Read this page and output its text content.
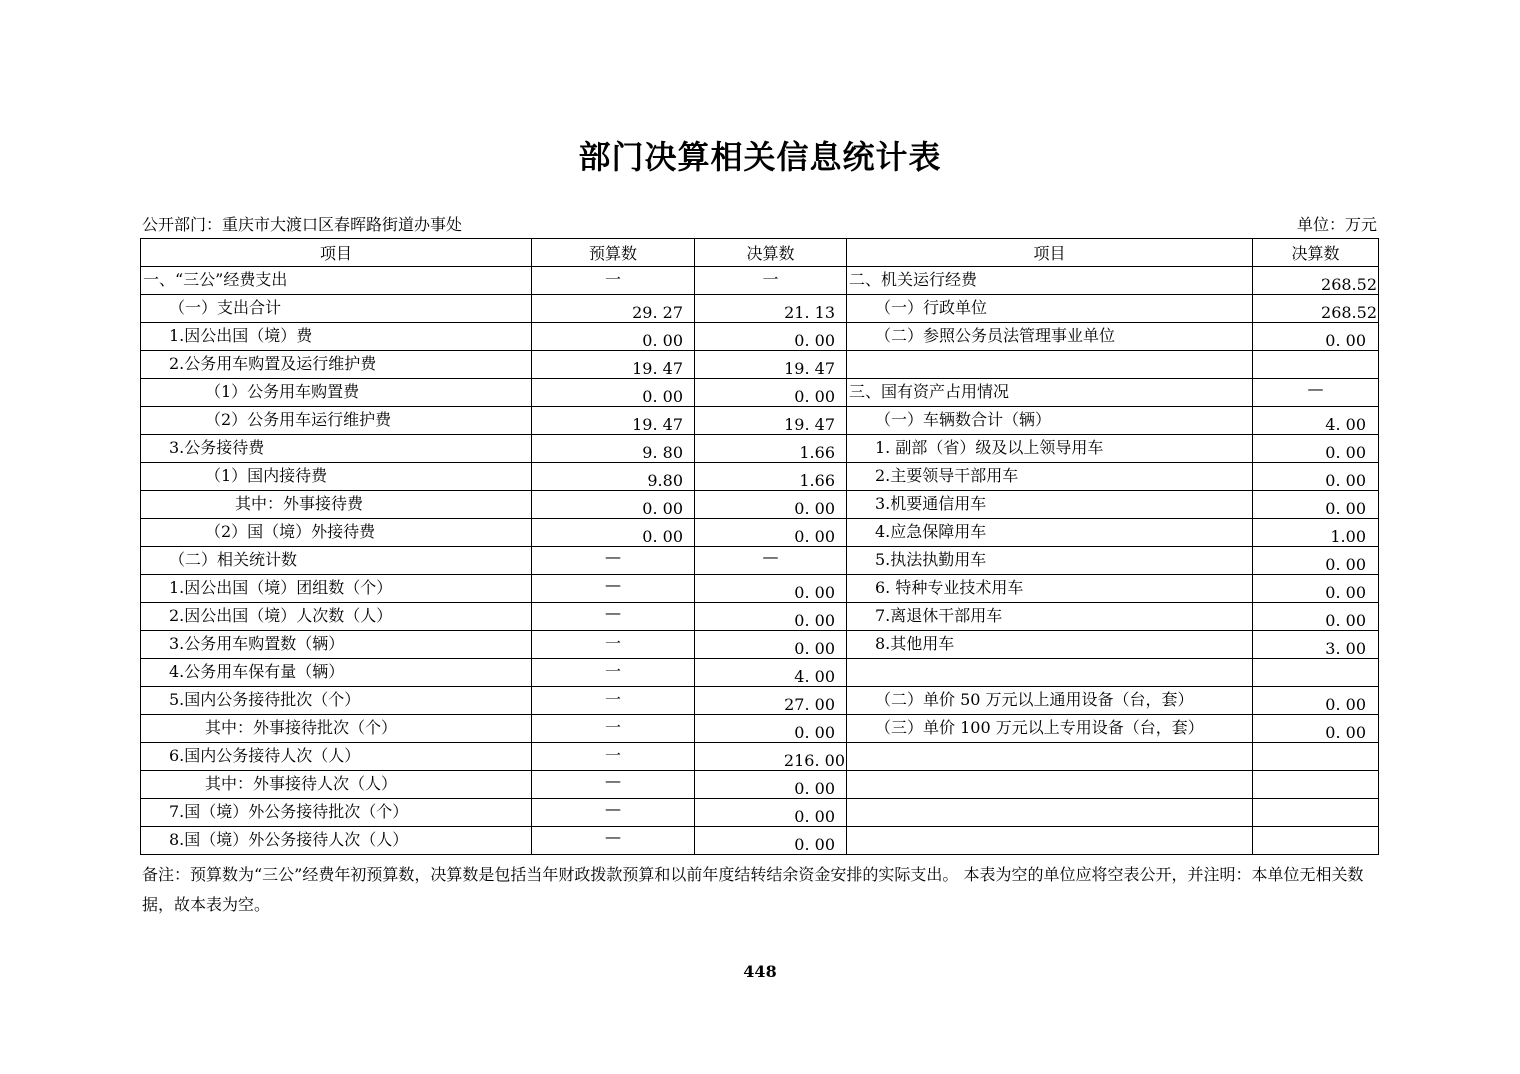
部门决算相关信息统计表
公开部门：重庆市大渡口区春晖路街道办事处	单位：万元
项目	预算数	决算数	项目	决算数
一、“三公”经费支出	一	一	二、机关运行经费	268.52
（一）支出合计	29. 27	21. 13	（一）行政单位	268.52
1.因公出国（境）费	0. 00	0. 00	（二）参照公务员法管理事业单位	0. 00
2.公务用车购置及运行维护费	19. 47	19. 47		
（1）公务用车购置费	0. 00	0. 00	三、国有资产占用情况	—
（2）公务用车运行维护费	19. 47	19. 47	（一）车辆数合计（辆）	4. 00
3.公务接待费	9. 80	1.66	1. 副部（省）级及以上领导用车	0. 00
（1）国内接待费	9.80	1.66	2.主要领导干部用车	0. 00
其中：外事接待费	0. 00	0. 00	3.机要通信用车	0. 00
（2）国（境）外接待费	0. 00	0. 00	4.应急保障用车	1.00
（二）相关统计数	—	—	5.执法执勤用车	0. 00
1.因公出国（境）团组数（个）	—	0. 00	6. 特种专业技术用车	0. 00
2.因公出国（境）人次数（人）	—	0. 00	7.离退休干部用车	0. 00
3.公务用车购置数（辆）	一	0. 00	8.其他用车	3. 00
4.公务用车保有量（辆）	一	4. 00		
5.国内公务接待批次（个）	一	27. 00	（二）单价 50 万元以上通用设备（台，套）	0. 00
其中：外事接待批次（个）	一	0. 00	（三）单价 100 万元以上专用设备（台，套）	0. 00
6.国内公务接待人次（人）	一	216. 00		
其中：外事接待人次（人）	—	0. 00		
7.国（境）外公务接待批次（个）	—	0. 00		
8.国（境）外公务接待人次（人）	—	0. 00		
备注：预算数为“三公”经费年初预算数，决算数是包括当年财政拨款预算和以前年度结转结余资金安排的实际支出。 本表为空的单位应将空表公开，并注明：本单位无相关数据，故本表为空。
448
